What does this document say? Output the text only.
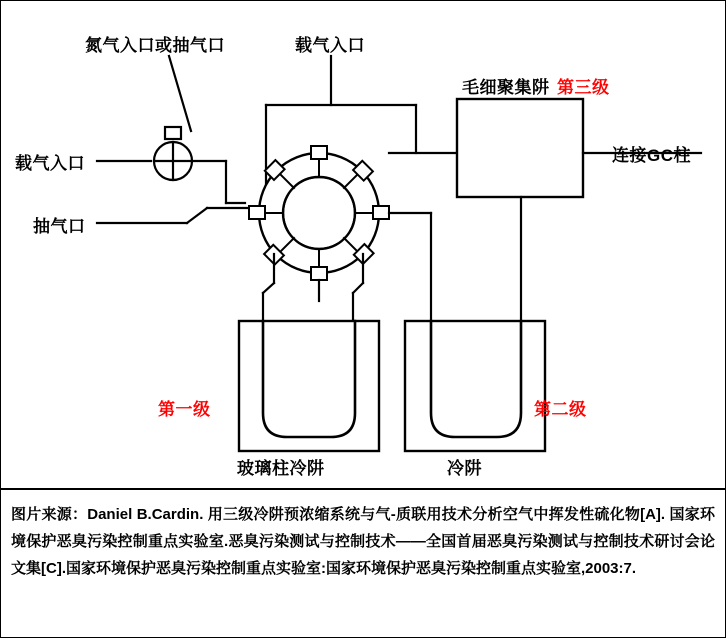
氮气入口或抽气口	载气入口
载气入口
抽气口
毛细聚集阱 第三级
连接GC柱
第一级	第二级
玻璃柱冷阱	冷阱
图片来源：Daniel B.Cardin. 用三级冷阱预浓缩系统与气-质联用技术分析空气中挥发性硫化物[A]. 国家环境保护恶臭污染控制重点实验室.恶臭污染测试与控制技术——全国首届恶臭污染测试与控制技术研讨会论文集[C].国家环境保护恶臭污染控制重点实验室:国家环境保护恶臭污染控制重点实验室,2003:7.
